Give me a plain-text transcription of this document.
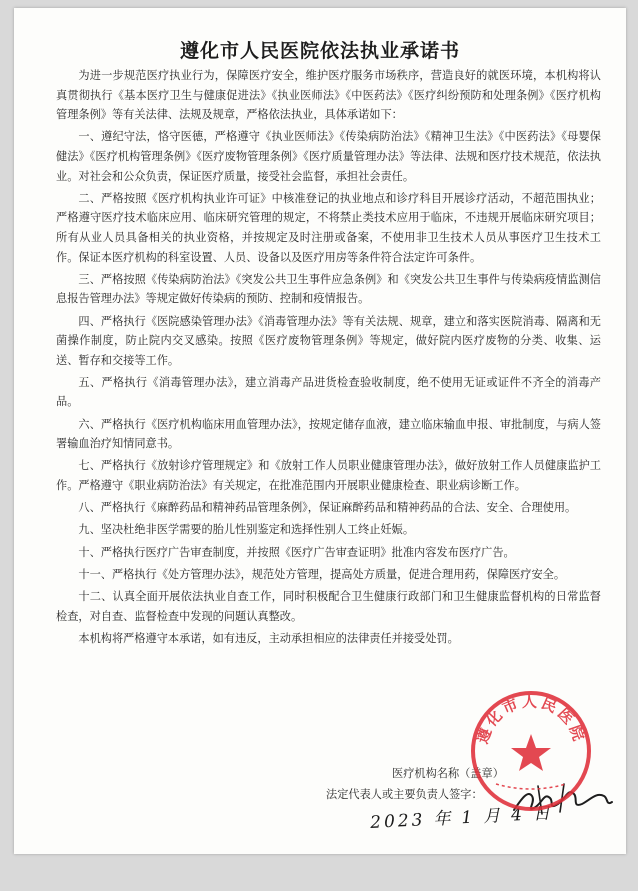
遵化市人民医院依法执业承诺书

为进一步规范医疗执业行为，保障医疗安全，维护医疗服务市场秩序，营造良好的就医环境，本机构将认真贯彻执行《基本医疗卫生与健康促进法》《执业医师法》《中医药法》《医疗纠纷预防和处理条例》《医疗机构管理条例》等有关法律、法规及规章，严格依法执业，具体承诺如下：

一、遵纪守法，恪守医德，严格遵守《执业医师法》《传染病防治法》《精神卫生法》《中医药法》《母婴保健法》《医疗机构管理条例》《医疗废物管理条例》《医疗质量管理办法》等法律、法规和医疗技术规范，依法执业。对社会和公众负责，保证医疗质量，接受社会监督，承担社会责任。

二、严格按照《医疗机构执业许可证》中核准登记的执业地点和诊疗科目开展诊疗活动，不超范围执业；严格遵守医疗技术临床应用、临床研究管理的规定，不将禁止类技术应用于临床，不违规开展临床研究项目；所有从业人员具备相关的执业资格，并按规定及时注册或备案，不使用非卫生技术人员从事医疗卫生技术工作。保证本医疗机构的科室设置、人员、设备以及医疗用房等条件符合法定许可条件。

三、严格按照《传染病防治法》《突发公共卫生事件应急条例》和《突发公共卫生事件与传染病疫情监测信息报告管理办法》等规定做好传染病的预防、控制和疫情报告。

四、严格执行《医院感染管理办法》《消毒管理办法》等有关法规、规章，建立和落实医院消毒、隔离和无菌操作制度，防止院内交叉感染。按照《医疗废物管理条例》等规定，做好院内医疗废物的分类、收集、运送、暂存和交接等工作。

五、严格执行《消毒管理办法》，建立消毒产品进货检查验收制度，绝不使用无证或证件不齐全的消毒产品。

六、严格执行《医疗机构临床用血管理办法》，按规定储存血液，建立临床输血申报、审批制度，与病人签署输血治疗知情同意书。

七、严格执行《放射诊疗管理规定》和《放射工作人员职业健康管理办法》，做好放射工作人员健康监护工作。严格遵守《职业病防治法》有关规定，在批准范围内开展职业健康检查、职业病诊断工作。

八、严格执行《麻醉药品和精神药品管理条例》，保证麻醉药品和精神药品的合法、安全、合理使用。

九、坚决杜绝非医学需要的胎儿性别鉴定和选择性别人工终止妊娠。

十、严格执行医疗广告审查制度，并按照《医疗广告审查证明》批准内容发布医疗广告。

十一、严格执行《处方管理办法》，规范处方管理，提高处方质量，促进合理用药，保障医疗安全。

十二、认真全面开展依法执业自查工作，同时积极配合卫生健康行政部门和卫生健康监督机构的日常监督检查，对自查、监督检查中发现的问题认真整改。

本机构将严格遵守本承诺，如有违反，主动承担相应的法律责任并接受处罚。

医疗机构名称（盖章）
法定代表人或主要负责人签字：
2023 年 1 月 4 日
遵化市人民医院
